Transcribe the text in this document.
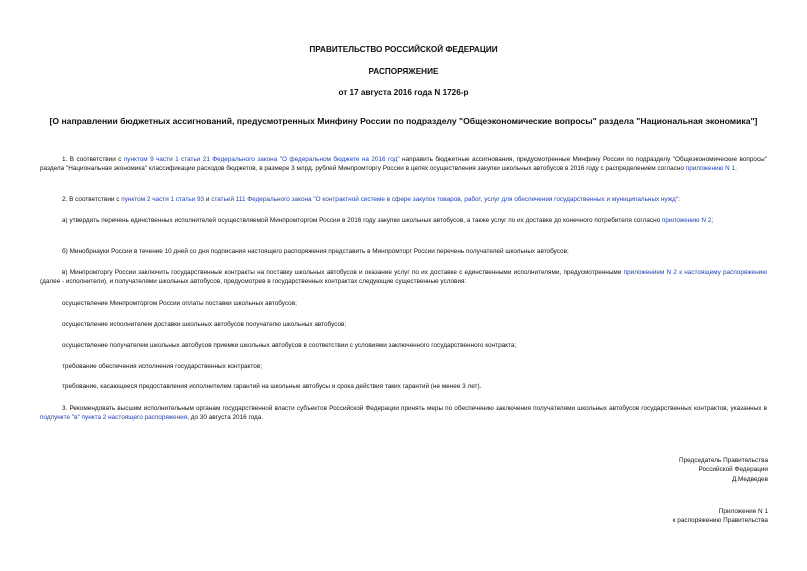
ПРАВИТЕЛЬСТВО РОССИЙСКОЙ ФЕДЕРАЦИИ
РАСПОРЯЖЕНИЕ
от 17 августа 2016 года N 1726-р
[О направлении бюджетных ассигнований, предусмотренных Минфину России по подразделу "Общеэкономические вопросы" раздела "Национальная экономика"]
1. В соответствии с пунктом 9 части 1 статьи 21 Федерального закона "О федеральном бюджете на 2016 год" направить бюджетные ассигнования, предусмотренные Минфину России по подразделу "Общеэкономические вопросы" раздела "Национальная экономика" классификации расходов бюджетов, в размере 3 млрд. рублей Минпромторгу России в целях осуществления закупки школьных автобусов в 2016 году с распределением согласно приложению N 1.
2. В соответствии с пунктом 2 части 1 статьи 93 и статьей 111 Федерального закона "О контрактной системе в сфере закупок товаров, работ, услуг для обеспечения государственных и муниципальных нужд":
а) утвердить перечень единственных исполнителей осуществляемой Минпромторгом России в 2016 году закупки школьных автобусов, а также услуг по их доставке до конечного потребителя согласно приложению N 2;
б) Минобрнауки России в течение 10 дней со дня подписания настоящего распоряжения представить в Минпромторг России перечень получателей школьных автобусов;
в) Минпромторгу России заключить государственные контракты на поставку школьных автобусов и оказание услуг по их доставке с единственными исполнителями, предусмотренными приложением N 2 к настоящему распоряжению (далее - исполнители), и получателями школьных автобусов, предусмотрев в государственных контрактах следующие существенные условия:
осуществление Минпромторгом России оплаты поставки школьных автобусов;
осуществление исполнителем доставки школьных автобусов получателю школьных автобусов;
осуществление получателем школьных автобусов приемки школьных автобусов в соответствии с условиями заключенного государственного контракта;
требование обеспечения исполнения государственных контрактов;
требование, касающееся предоставления исполнителем гарантий на школьные автобусы и срока действия таких гарантий (не менее 3 лет).
3. Рекомендовать высшим исполнительным органам государственной власти субъектов Российской Федерации принять меры по обеспечению заключения получателями школьных автобусов государственных контрактов, указанных в подпункте "в" пункта 2 настоящего распоряжения, до 30 августа 2016 года.
Председатель Правительства
Российской Федерации
Д.Медведев
Приложение N 1
к распоряжению Правительства
